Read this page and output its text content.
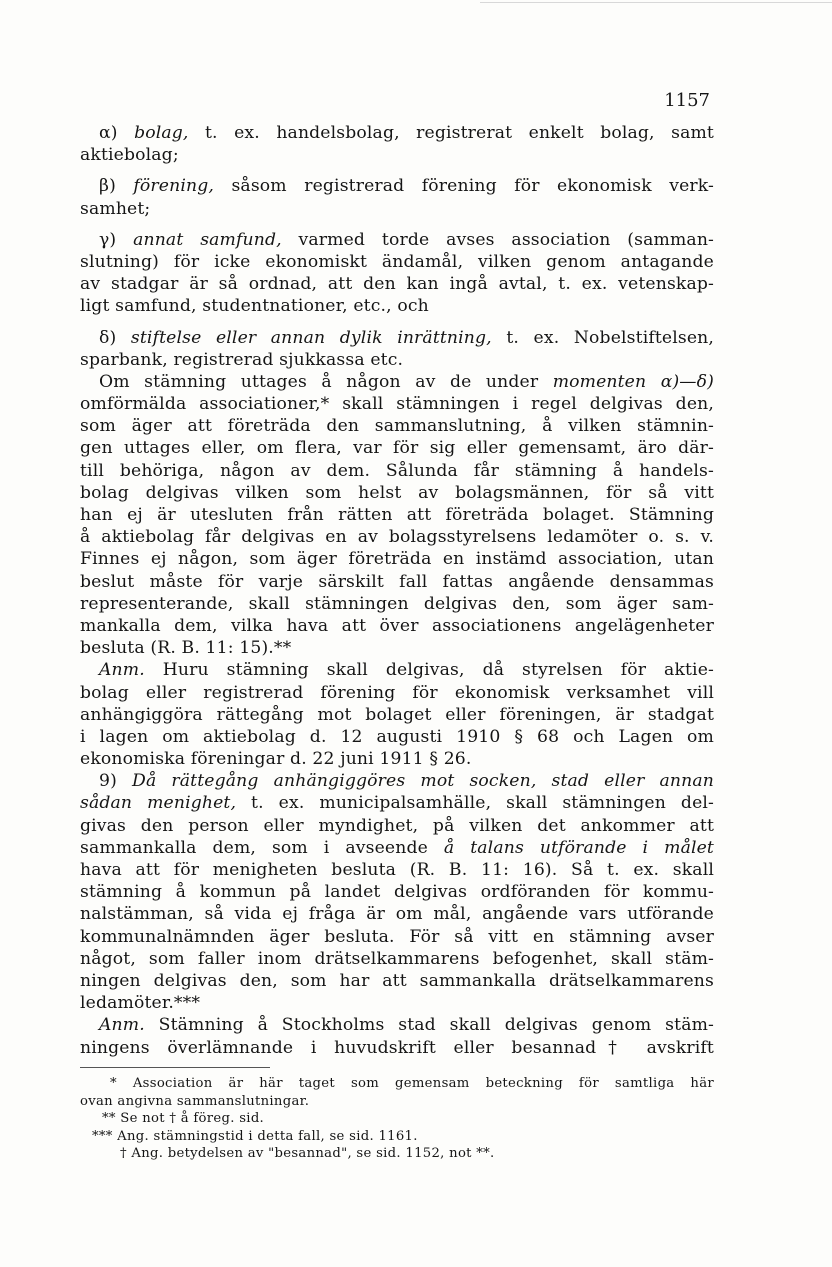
1157
α) bolag, t. ex. handelsbolag, registrerat enkelt bolag, samt
aktiebolag;
β) förening, såsom registrerad förening för ekonomisk verk-
samhet;
γ) annat samfund, varmed torde avses association (samman-
slutning) för icke ekonomiskt ändamål, vilken genom antagande
av stadgar är så ordnad, att den kan ingå avtal, t. ex. vetenskap-
ligt samfund, studentnationer, etc., och
δ) stiftelse eller annan dylik inrättning, t. ex. Nobelstiftelsen,
sparbank, registrerad sjukkassa etc.
Om stämning uttages å någon av de under momenten α)—δ)
omförmälda associationer,* skall stämningen i regel delgivas den,
som äger att företräda den sammanslutning, å vilken stämnin-
gen uttages eller, om flera, var för sig eller gemensamt, äro där-
till behöriga, någon av dem. Sålunda får stämning å handels-
bolag delgivas vilken som helst av bolagsmännen, för så vitt
han ej är utesluten från rätten att företräda bolaget. Stämning
å aktiebolag får delgivas en av bolagsstyrelsens ledamöter o. s. v.
Finnes ej någon, som äger företräda en instämd association, utan
beslut måste för varje särskilt fall fattas angående densammas
representerande, skall stämningen delgivas den, som äger sam-
mankalla dem, vilka hava att över associationens angelägenheter
besluta (R. B. 11: 15).**
Anm. Huru stämning skall delgivas, då styrelsen för aktie-
bolag eller registrerad förening för ekonomisk verksamhet vill
anhängiggöra rättegång mot bolaget eller föreningen, är stadgat
i lagen om aktiebolag d. 12 augusti 1910 § 68 och Lagen om
ekonomiska föreningar d. 22 juni 1911 § 26.
9) Då rättegång anhängiggöres mot socken, stad eller annan
sådan menighet, t. ex. municipalsamhälle, skall stämningen del-
givas den person eller myndighet, på vilken det ankommer att
sammankalla dem, som i avseende å talans utförande i målet
hava att för menigheten besluta (R. B. 11: 16). Så t. ex. skall
stämning å kommun på landet delgivas ordföranden för kommu-
nalstämman, så vida ej fråga är om mål, angående vars utförande
kommunalnämnden äger besluta. För så vitt en stämning avser
något, som faller inom drätselkammarens befogenhet, skall stäm-
ningen delgivas den, som har att sammankalla drätselkammarens
ledamöter.***
Anm. Stämning å Stockholms stad skall delgivas genom stäm-
ningens överlämnande i huvudskrift eller besannad† avskrift
* Association är här taget som gemensam beteckning för samtliga här
ovan angivna sammanslutningar.
** Se not † å föreg. sid.
*** Ang. stämningstid i detta fall, se sid. 1161.
† Ang. betydelsen av "besannad", se sid. 1152, not **.
